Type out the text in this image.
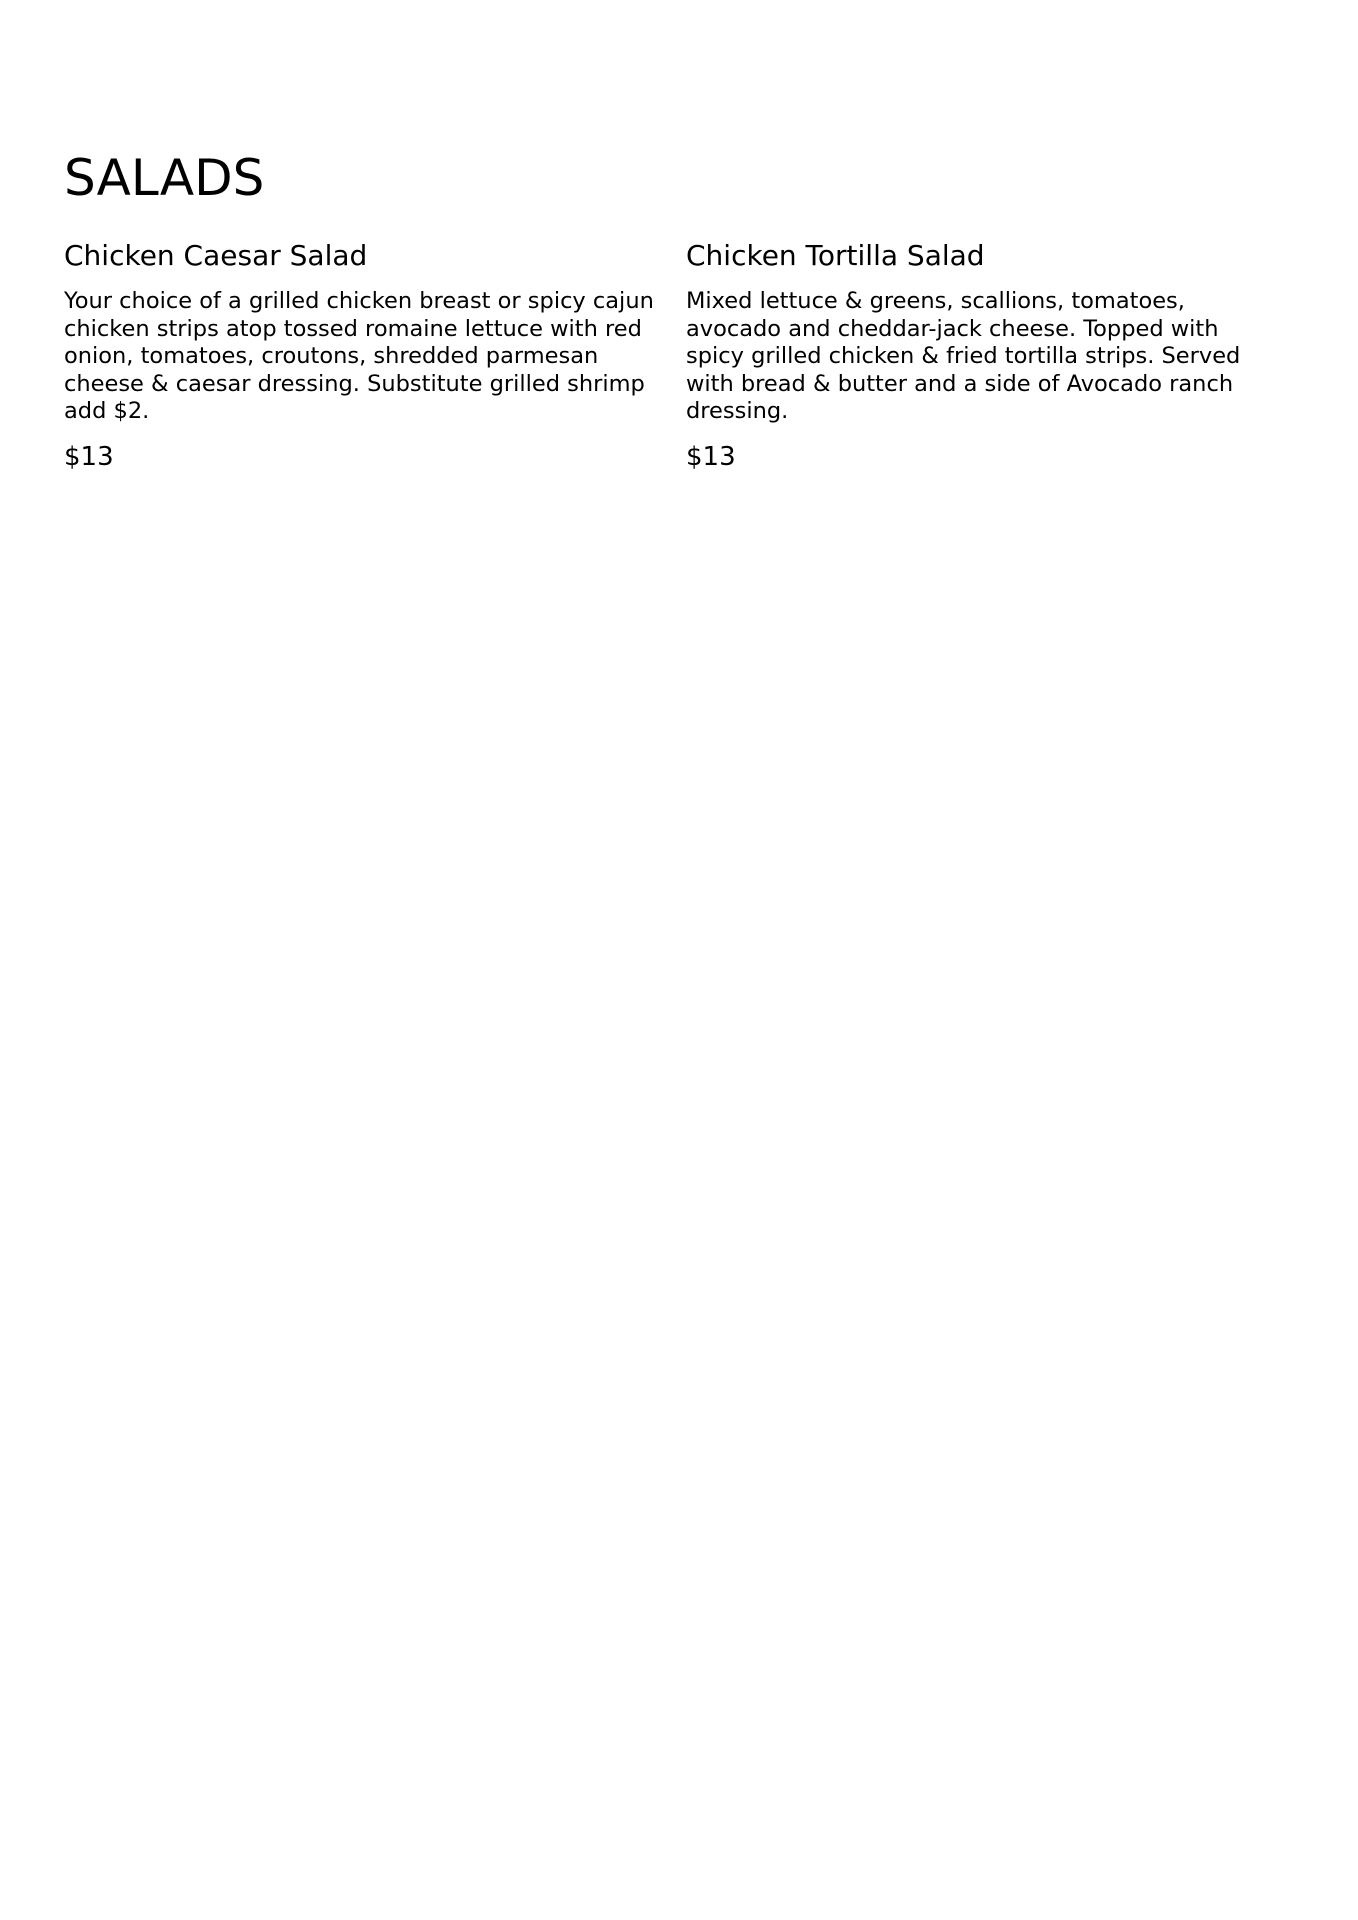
SALADS
Chicken Caesar Salad

Your choice of a grilled chicken breast or spicy cajun chicken strips atop tossed romaine lettuce with red onion, tomatoes, croutons, shredded parmesan cheese & caesar dressing. Substitute grilled shrimp add $2.

$13

Chicken Tortilla Salad

Mixed lettuce & greens, scallions, tomatoes, avocado and cheddar-jack cheese. Topped with spicy grilled chicken & fried tortilla strips. Served with bread & butter and a side of Avocado ranch dressing.

$13
